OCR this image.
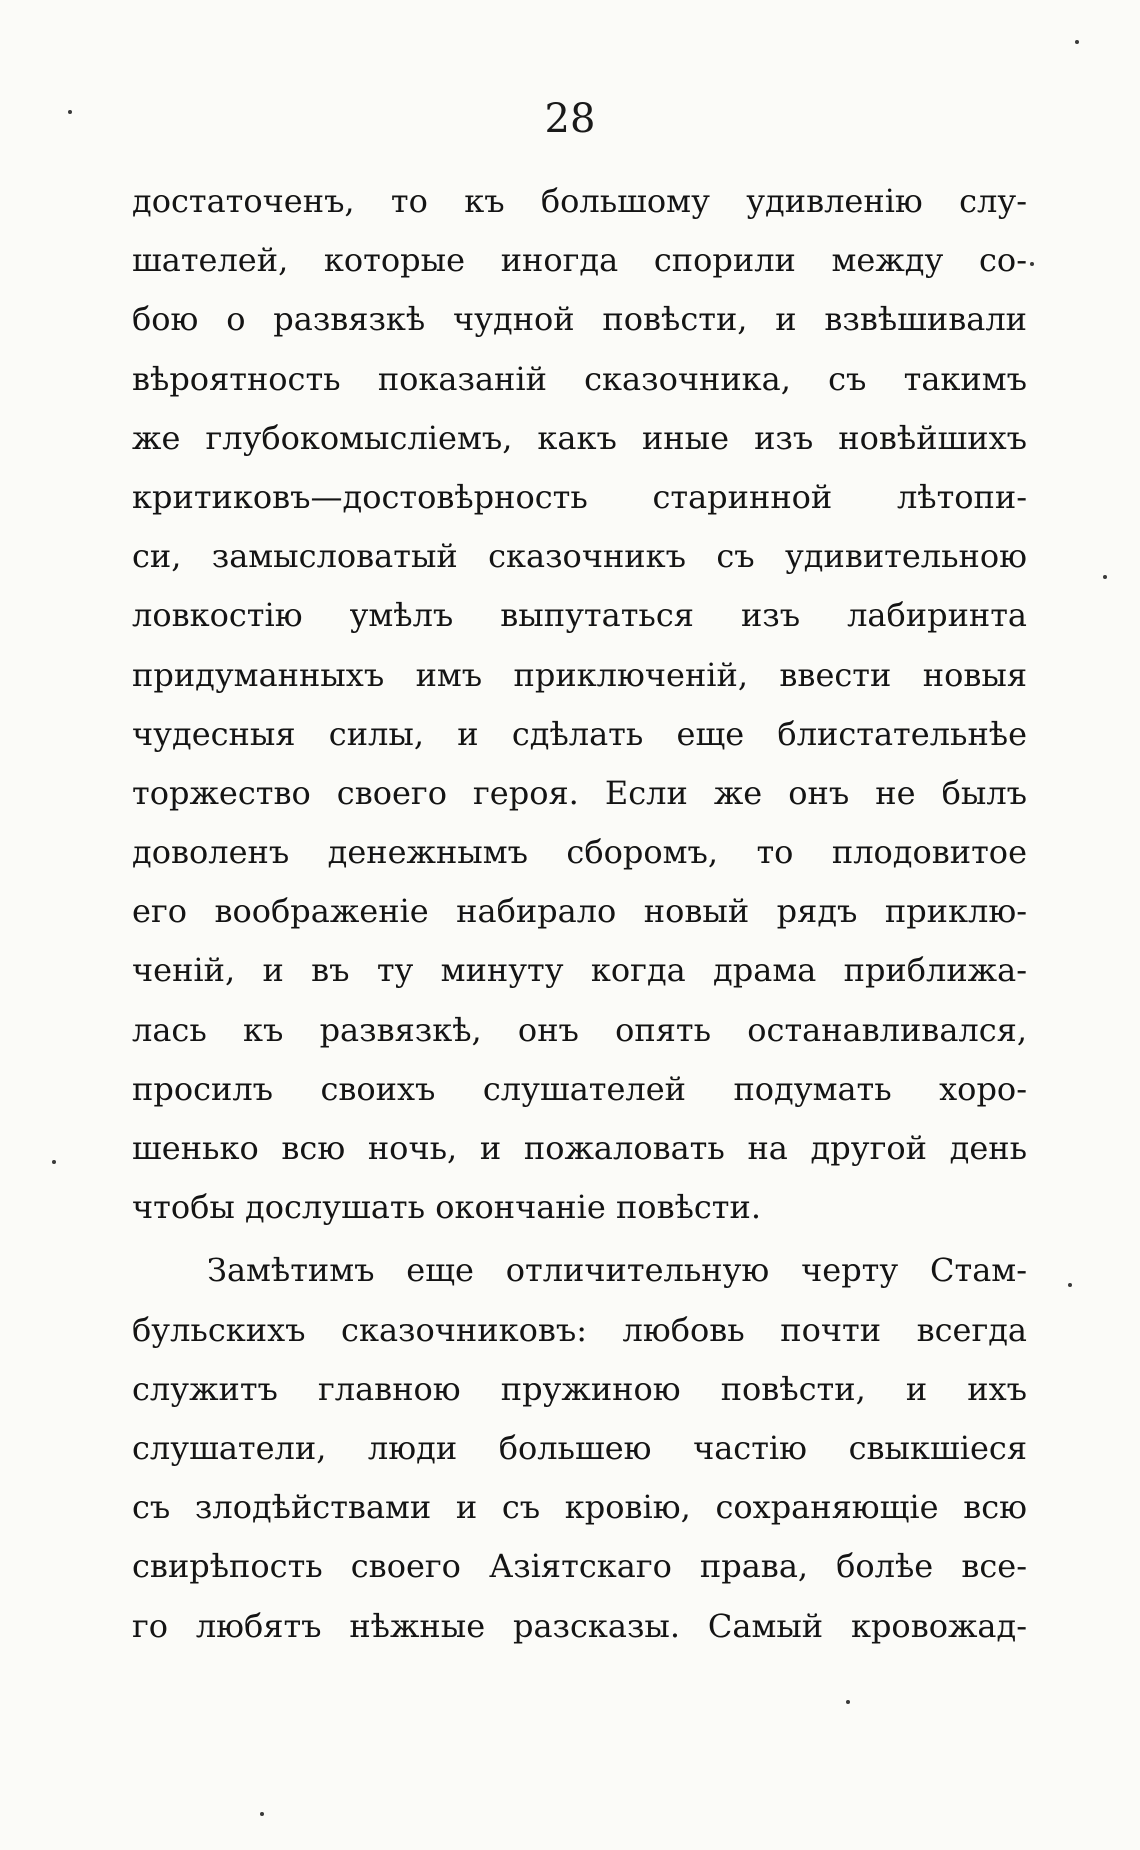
28
достаточенъ, то къ большому удивленію слу-
шателей, которые иногда спорили между со-
бою о развязкѣ чудной повѣсти, и взвѣшивали
вѣроятность показаній сказочника, съ такимъ
же глубокомысліемъ, какъ иные изъ новѣйшихъ
критиковъ—достовѣрность старинной лѣтопи-
си, замысловатый сказочникъ съ удивительною
ловкостію умѣлъ выпутаться изъ лабиринта
придуманныхъ имъ приключеній, ввести новыя
чудесныя силы, и сдѣлать еще блистательнѣе
торжество своего героя. Если же онъ не былъ
доволенъ денежнымъ сборомъ, то плодовитое
его воображеніе набирало новый рядъ приклю-
ченій, и въ ту минуту когда драма приближа-
лась къ развязкѣ, онъ опять останавливался,
просилъ своихъ слушателей подумать хоро-
шенько всю ночь, и пожаловать на другой день
чтобы дослушать окончаніе повѣсти.
Замѣтимъ еще отличительную черту Стам-
бульскихъ сказочниковъ: любовь почти всегда
служитъ главною пружиною повѣсти, и ихъ
слушатели, люди большею частію свыкшіеся
съ злодѣйствами и съ кровію, сохраняющіе всю
свирѣпость своего Азіятскаго права, болѣе все-
го любятъ нѣжные разсказы. Самый кровожад-
